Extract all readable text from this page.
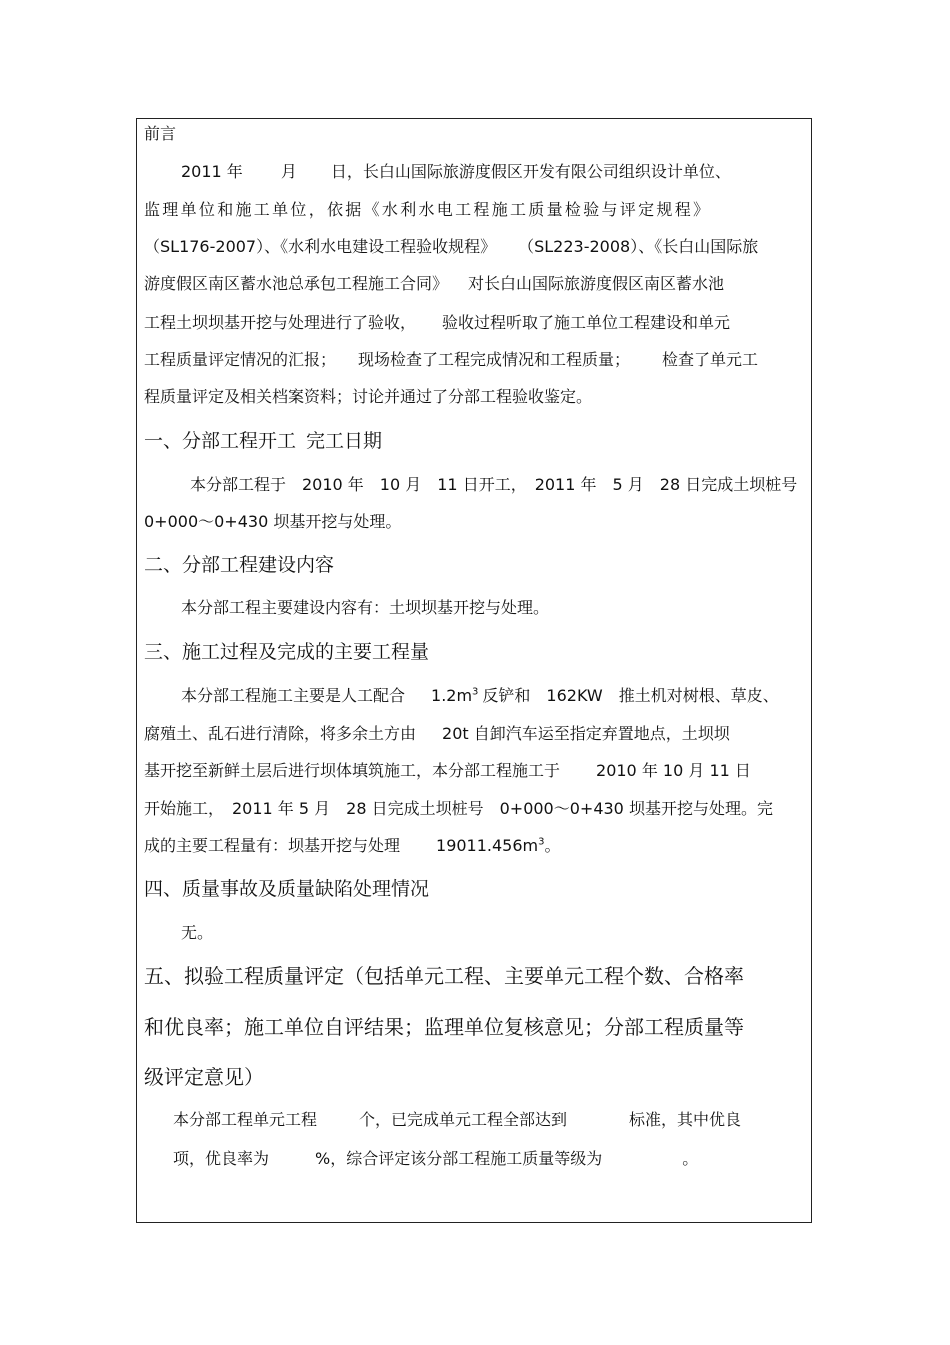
前言
2011 年 月 日，长白山国际旅游度假区开发有限公司组织设计单位、
监理单位和施工单位，依据《水利水电工程施工质量检验与评定规程》
（SL176-2007）、《水利水电建设工程验收规程》 （SL223-2008）、《长白山国际旅
游度假区南区蓄水池总承包工程施工合同》 对长白山国际旅游度假区南区蓄水池
工程土坝坝基开挖与处理进行了验收， 验收过程听取了施工单位工程建设和单元
工程质量评定情况的汇报； 现场检查了工程完成情况和工程质量； 检查了单元工
程质量评定及相关档案资料；讨论并通过了分部工程验收鉴定。
一、分部工程开工 完工日期
本分部工程于　2010 年　10 月　11 日开工，　2011 年　5 月　28 日完成土坝桩号
0+000～0+430 坝基开挖与处理。
二、分部工程建设内容
本分部工程主要建设内容有：土坝坝基开挖与处理。
三、施工过程及完成的主要工程量
本分部工程施工主要是人工配合 $1.2m^3$ 反铲和　162KW　推土机对树根、草皮、
腐殖土、乱石进行清除，将多余土方由 20t 自卸汽车运至指定弃置地点，土坝坝
基开挖至新鲜土层后进行坝体填筑施工，本分部工程施工于 2010 年 10 月 11 日
开始施工，　2011 年 5 月　28 日完成土坝桩号　0+000～0+430 坝基开挖与处理。完
成的主要工程量有：坝基开挖与处理 $19011.456m^3$。
四、质量事故及质量缺陷处理情况
无。
五、拟验工程质量评定（包括单元工程、主要单元工程个数、合格率
和优良率；施工单位自评结果；监理单位复核意见；分部工程质量等
级评定意见）
本分部工程单元工程	个，已完成单元工程全部达到	标准，其中优良
项，优良率为	%，综合评定该分部工程施工质量等级为	。
